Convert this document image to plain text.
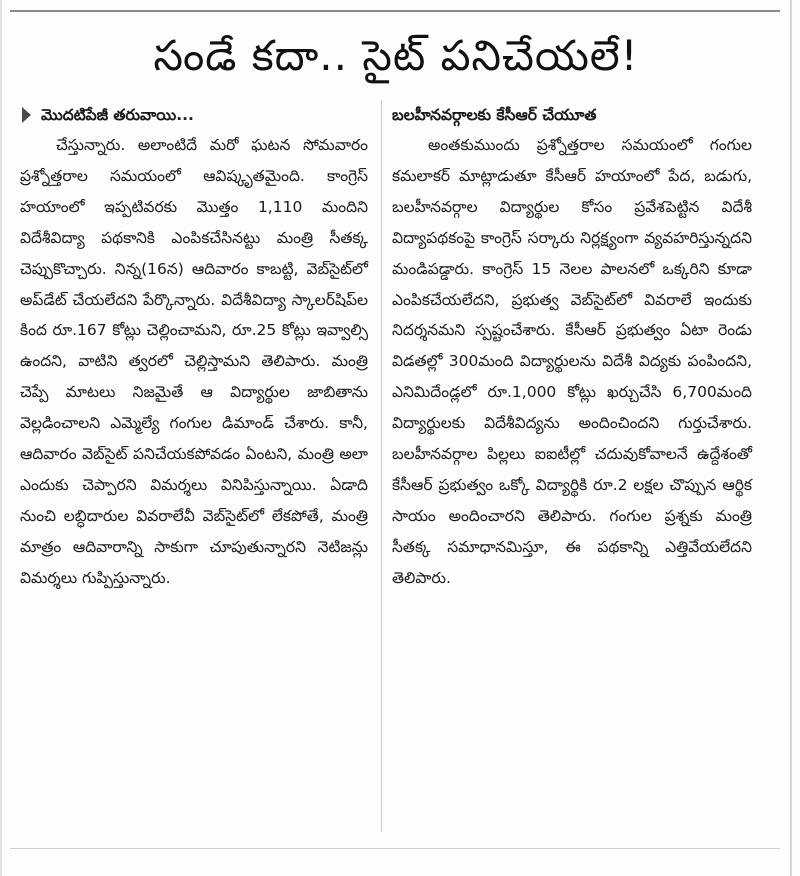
సండే కదా.. సైట్ పనిచేయలే!
మొదటిపేజీ తరువాయి...

చేస్తున్నారు. అలాంటిదే మరో ఘటన సోమవారం ప్రశ్నోత్తరాల సమయంలో ఆవిష్కృతమైంది. కాంగ్రెస్ హయాంలో ఇప్పటివరకు మొత్తం 1,110 మందిని విదేశీవిద్యా పథకానికి ఎంపికచేసినట్టు మంత్రి సీతక్క చెప్పుకొచ్చారు. నిన్న(16న) ఆదివారం కాబట్టి, వెబ్‌సైట్‌లో అప్‌డేట్ చేయలేదని పేర్కొన్నారు. విదేశీవిద్యా స్కాలర్‌షిప్‌ల కింద రూ.167 కోట్లు చెల్లించామని, రూ.25 కోట్లు ఇవ్వాల్సి ఉందని, వాటిని త్వరలో చెల్లిస్తామని తెలిపారు. మంత్రి చెప్పే మాటలు నిజమైతే ఆ విద్యార్థుల జాబితాను వెల్లడించాలని ఎమ్మెల్యే గంగుల డిమాండ్ చేశారు. కానీ, ఆదివారం వెబ్‌సైట్ పనిచేయకపోవడం ఏంటని, మంత్రి అలా ఎందుకు చెప్పారని విమర్శలు వినిపిస్తున్నాయి. ఏడాది నుంచి లబ్ధిదారుల వివరాలేవీ వెబ్‌సైట్‌లో లేకపోతే, మంత్రి మాత్రం ఆదివారాన్ని సాకుగా చూపుతున్నారని నెటిజన్లు విమర్శలు గుప్పిస్తున్నారు.

బలహీనవర్గాలకు కేసీఆర్ చేయూత

అంతకుముందు ప్రశ్నోత్తరాల సమయంలో గంగుల కమలాకర్ మాట్లాడుతూ కేసీఆర్ హయాంలో పేద, బడుగు, బలహీనవర్గాల విద్యార్థుల కోసం ప్రవేశపెట్టిన విదేశీ విద్యాపథకంపై కాంగ్రెస్ సర్కారు నిర్లక్ష్యంగా వ్యవహరిస్తున్నదని మండిపడ్డారు. కాంగ్రెస్ 15 నెలల పాలనలో ఒక్కరిని కూడా ఎంపికచేయలేదని, ప్రభుత్వ వెబ్‌సైట్‌లో వివరాలే ఇందుకు నిదర్శనమని స్పష్టంచేశారు. కేసీఆర్ ప్రభుత్వం ఏటా రెండు విడతల్లో 300మంది విద్యార్థులను విదేశీ విద్యకు పంపిందని, ఎనిమిదేండ్లలో రూ.1,000 కోట్లు ఖర్చుచేసి 6,700మంది విద్యార్థులకు విదేశీవిద్యను అందించిందని గుర్తుచేశారు. బలహీనవర్గాల పిల్లలు ఐఐటీల్లో చదువుకోవాలనే ఉద్దేశంతో కేసీఆర్ ప్రభుత్వం ఒక్కో విద్యార్థికి రూ.2 లక్షల చొప్పున ఆర్థిక సాయం అందించారని తెలిపారు. గంగుల ప్రశ్నకు మంత్రి సీతక్క సమాధానమిస్తూ, ఈ పథకాన్ని ఎత్తివేయలేదని తెలిపారు.
